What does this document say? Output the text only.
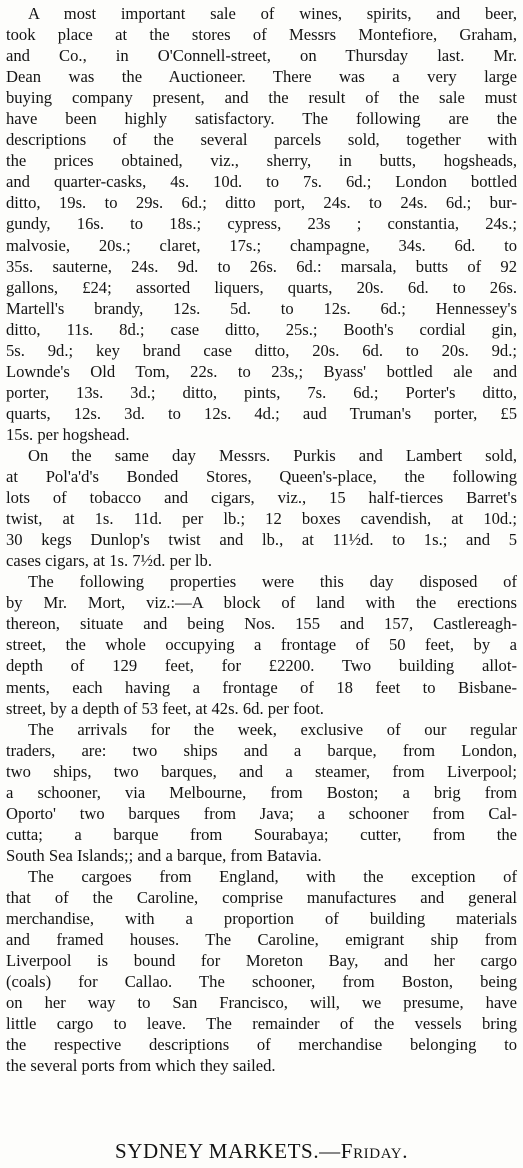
A most important sale of wines, spirits, and beer,
took place at the stores of Messrs Montefiore, Graham,
and Co., in O'Connell-street, on Thursday last. Mr.
Dean was the Auctioneer. There was a very large
buying company present, and the result of the sale must
have been highly satisfactory. The following are the
descriptions of the several parcels sold, together with
the prices obtained, viz., sherry, in butts, hogsheads,
and quarter-casks, 4s. 10d. to 7s. 6d.; London bottled
ditto, 19s. to 29s. 6d.; ditto port, 24s. to 24s. 6d.; bur-
gundy, 16s. to 18s.; cypress, 23s ; constantia, 24s.;
malvosie, 20s.; claret, 17s.; champagne, 34s. 6d. to
35s. sauterne, 24s. 9d. to 26s. 6d.: marsala, butts of 92
gallons, £24; assorted liquers, quarts, 20s. 6d. to 26s.
Martell's brandy, 12s. 5d. to 12s. 6d.; Hennessey's
ditto, 11s. 8d.; case ditto, 25s.; Booth's cordial gin,
5s. 9d.; key brand case ditto, 20s. 6d. to 20s. 9d.;
Lownde's Old Tom, 22s. to 23s,; Byass' bottled ale and
porter, 13s. 3d.; ditto, pints, 7s. 6d.; Porter's ditto,
quarts, 12s. 3d. to 12s. 4d.; aud Truman's porter, £5
15s. per hogshead.
On the same day Messrs. Purkis and Lambert sold,
at Pol'a'd's Bonded Stores, Queen's-place, the following
lots of tobacco and cigars, viz., 15 half-tierces Barret's
twist, at 1s. 11d. per lb.; 12 boxes cavendish, at 10d.;
30 kegs Dunlop's twist and lb., at 11½d. to 1s.; and 5
cases cigars, at 1s. 7½d. per lb.
The following properties were this day disposed of
by Mr. Mort, viz.:—A block of land with the erections
thereon, situate and being Nos. 155 and 157, Castlereagh-
street, the whole occupying a frontage of 50 feet, by a
depth of 129 feet, for £2200. Two building allot-
ments, each having a frontage of 18 feet to Bisbane-
street, by a depth of 53 feet, at 42s. 6d. per foot.
The arrivals for the week, exclusive of our regular
traders, are: two ships and a barque, from London,
two ships, two barques, and a steamer, from Liverpool;
a schooner, via Melbourne, from Boston; a brig from
Oporto' two barques from Java; a schooner from Cal-
cutta; a barque from Sourabaya; cutter, from the
South Sea Islands;; and a barque, from Batavia.
The cargoes from England, with the exception of
that of the Caroline, comprise manufactures and general
merchandise, with a proportion of building materials
and framed houses. The Caroline, emigrant ship from
Liverpool is bound for Moreton Bay, and her cargo
(coals) for Callao. The schooner, from Boston, being
on her way to San Francisco, will, we presume, have
little cargo to leave. The remainder of the vessels bring
the respective descriptions of merchandise belonging to
the several ports from which they sailed.
SYDNEY MARKETS.—Friday.
